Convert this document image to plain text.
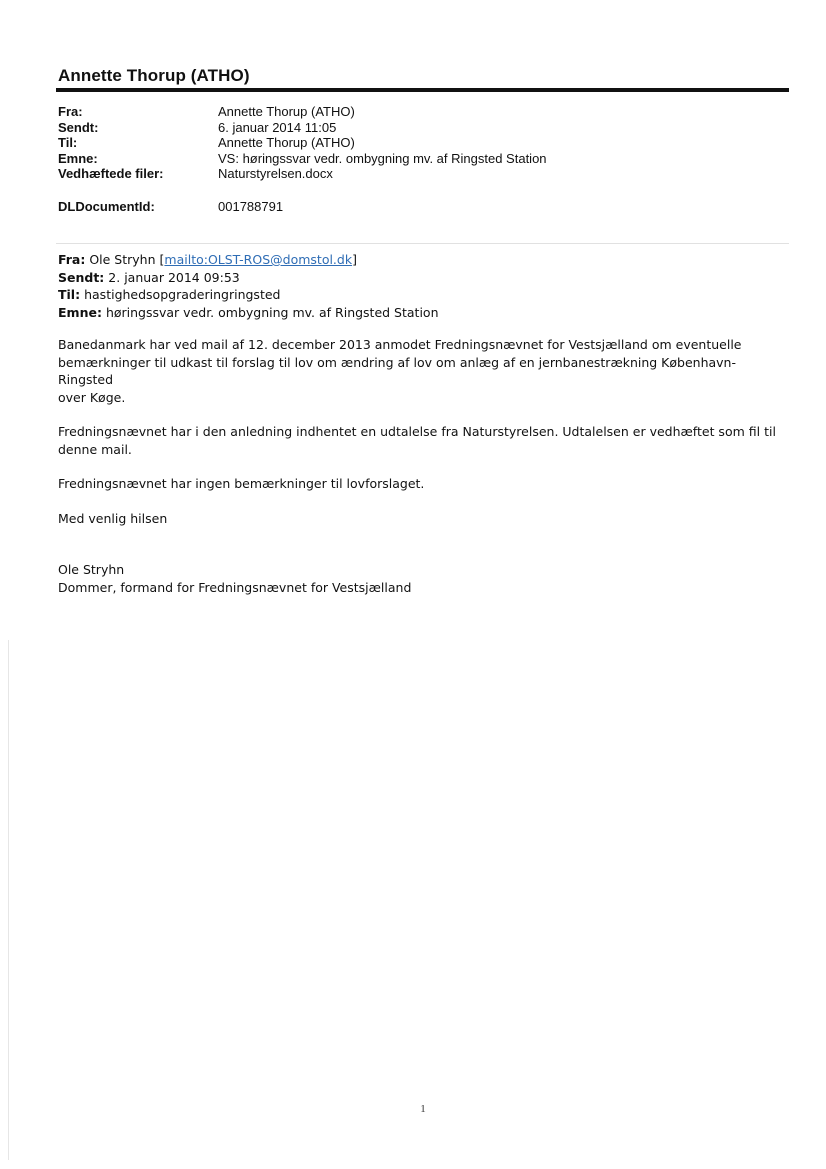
Annette Thorup (ATHO)
Fra:	Annette Thorup (ATHO)
Sendt:	6. januar 2014 11:05
Til:	Annette Thorup (ATHO)
Emne:	VS: høringssvar vedr. ombygning mv. af Ringsted Station
Vedhæftede filer:	Naturstyrelsen.docx
DLDocumentId:	001788791
Fra: Ole Stryhn [mailto:OLST-ROS@domstol.dk]
Sendt: 2. januar 2014 09:53
Til: hastighedsopgraderingringsted
Emne: høringssvar vedr. ombygning mv. af Ringsted Station

Banedanmark har ved mail af 12. december 2013 anmodet Fredningsnævnet for Vestsjælland om eventuelle
bemærkninger til udkast til forslag til lov om ændring af lov om anlæg af en jernbanestrækning København-Ringsted
over Køge.

Fredningsnævnet har i den anledning indhentet en udtalelse fra Naturstyrelsen. Udtalelsen er vedhæftet som fil til
denne mail.

Fredningsnævnet har ingen bemærkninger til lovforslaget.

Med venlig hilsen

Ole Stryhn
Dommer, formand for Fredningsnævnet for Vestsjælland

1
